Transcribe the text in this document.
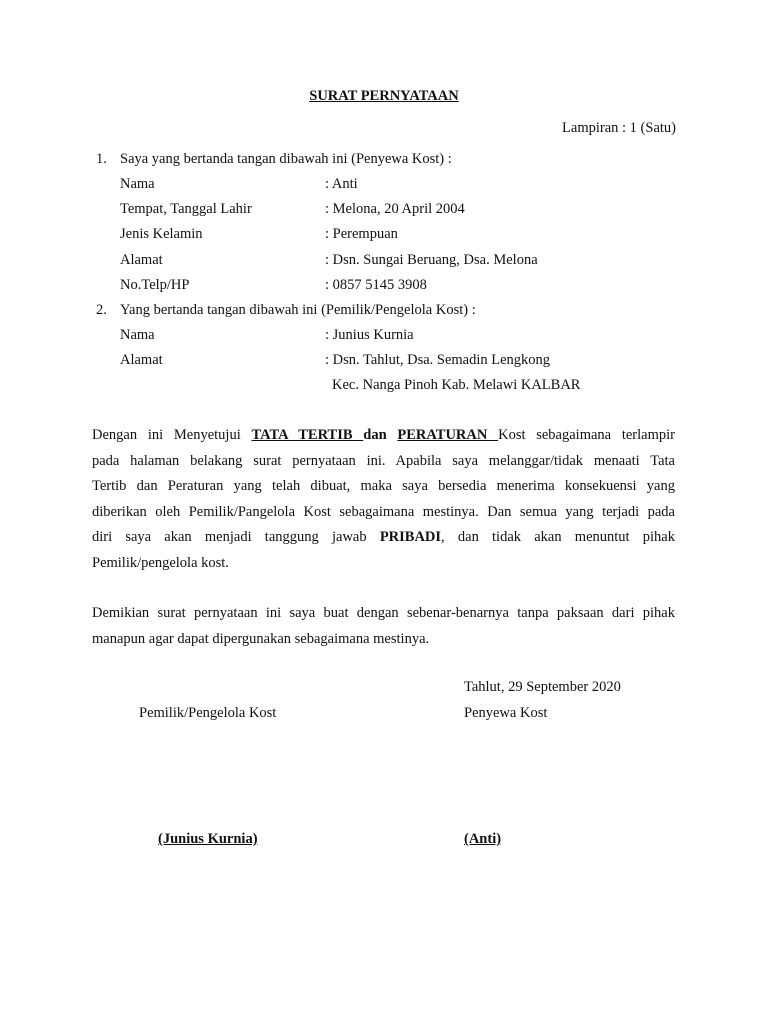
SURAT PERNYATAAN
Lampiran : 1 (Satu)
1. Saya yang bertanda tangan dibawah ini (Penyewa Kost) :
Nama	: Anti
Tempat, Tanggal Lahir	: Melona, 20 April 2004
Jenis Kelamin	: Perempuan
Alamat	: Dsn. Sungai Beruang, Dsa. Melona
No.Telp/HP	: 0857 5145 3908
2. Yang bertanda tangan dibawah ini (Pemilik/Pengelola Kost) :
Nama	: Junius Kurnia
Alamat	: Dsn. Tahlut, Dsa. Semadin Lengkong
Kec. Nanga Pinoh Kab. Melawi KALBAR
Dengan ini Menyetujui TATA TERTIB dan PERATURAN Kost sebagaimana terlampir
pada halaman belakang surat pernyataan ini. Apabila saya melanggar/tidak menaati Tata
Tertib dan Peraturan yang telah dibuat, maka saya bersedia menerima konsekuensi yang
diberikan oleh Pemilik/Pangelola Kost sebagaimana mestinya. Dan semua yang terjadi pada
diri saya akan menjadi tanggung jawab PRIBADI, dan tidak akan menuntut pihak
Pemilik/pengelola kost.
Demikian surat pernyataan ini saya buat dengan sebenar-benarnya tanpa paksaan dari pihak
manapun agar dapat dipergunakan sebagaimana mestinya.
Tahlut, 29 September 2020
Pemilik/Pengelola Kost	Penyewa Kost
(Junius Kurnia)	(Anti)
